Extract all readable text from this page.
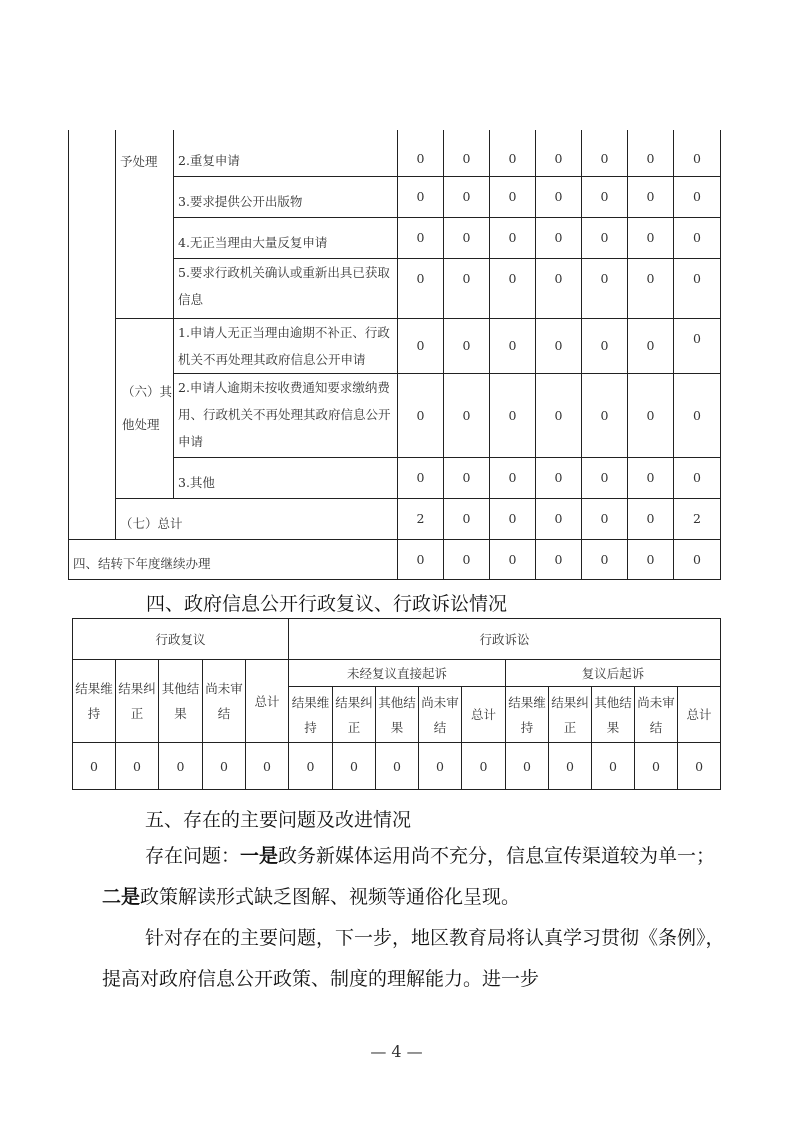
	予处理	2.重复申请	0	0	0	0	0	0	0
		3.要求提供公开出版物	0	0	0	0	0	0	0
		4.无正当理由大量反复申请	0	0	0	0	0	0	0
		5.要求行政机关确认或重新出具已获取信息	0	0	0	0	0	0	0
	（六）其他处理	1.申请人无正当理由逾期不补正、行政机关不再处理其政府信息公开申请	0	0	0	0	0	0	0
		2.申请人逾期未按收费通知要求缴纳费用、行政机关不再处理其政府信息公开申请	0	0	0	0	0	0	0
		3.其他	0	0	0	0	0	0	0
	（七）总计		2	0	0	0	0	0	2
四、结转下年度继续办理			0	0	0	0	0	0	0
四、政府信息公开行政复议、行政诉讼情况
行政复议					行政诉讼									
结果维持	结果纠正	其他结果	尚未审结	总计	未经复议直接起诉					复议后起诉				
					结果维持	结果纠正	其他结果	尚未审结	总计	结果维持	结果纠正	其他结果	尚未审结	总计
0	0	0	0	0	0	0	0	0	0	0	0	0	0	0
五、存在的主要问题及改进情况
存在问题：一是政务新媒体运用尚不充分，信息宣传渠道较为单一；二是政策解读形式缺乏图解、视频等通俗化呈现。
针对存在的主要问题，下一步，地区教育局将认真学习贯彻《条例》，提高对政府信息公开政策、制度的理解能力。进一步
— 4 —
